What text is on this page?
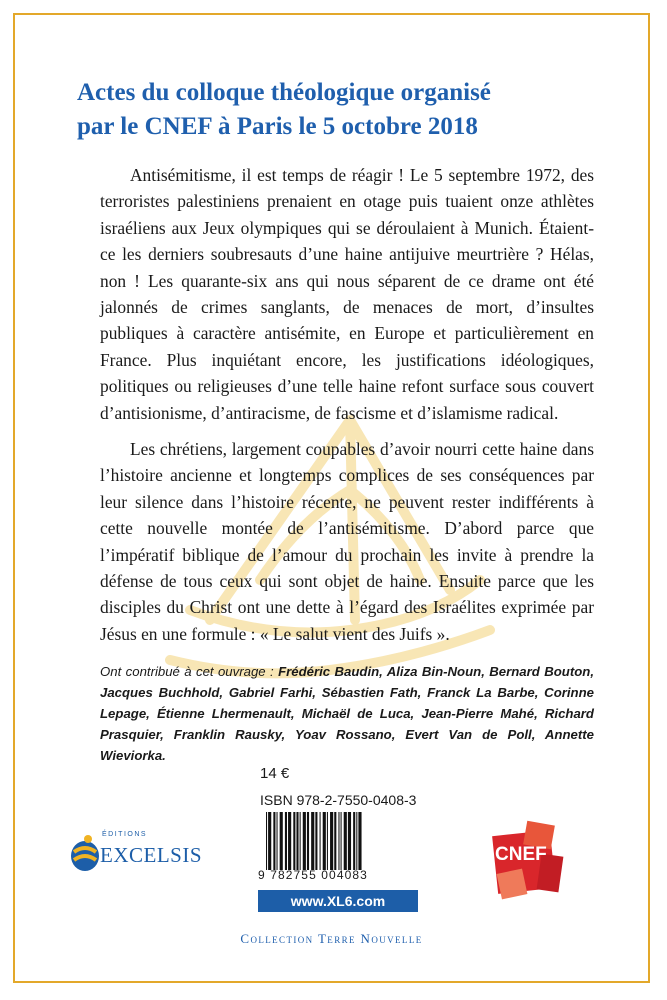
Actes du colloque théologique organisé
par le CNEF à Paris le 5 octobre 2018

Antisémitisme, il est temps de réagir ! Le 5 septembre 1972, des terroristes palestiniens prenaient en otage puis tuaient onze athlètes israéliens aux Jeux olympiques qui se déroulaient à Munich. Étaient-ce les derniers soubresauts d’une haine antijuive meurtrière ? Hélas, non ! Les quarante-six ans qui nous séparent de ce drame ont été jalonnés de crimes sanglants, de menaces de mort, d’insultes publiques à caractère antisémite, en Europe et particulièrement en France. Plus inquiétant encore, les justifications idéologiques, politiques ou religieuses d’une telle haine refont surface sous couvert d’antisionisme, d’antiracisme, de fascisme et d’islamisme radical.

Les chrétiens, largement coupables d’avoir nourri cette haine dans l’histoire ancienne et longtemps complices de ses conséquences par leur silence dans l’histoire récente, ne peuvent rester indifférents à cette nouvelle montée de l’antisémitisme. D’abord parce que l’impératif biblique de l’amour du prochain les invite à prendre la défense de tous ceux qui sont objet de haine. Ensuite parce que les disciples du Christ ont une dette à l’égard des Israélites exprimée par Jésus en une formule : « Le salut vient des Juifs ».

Ont contribué à cet ouvrage : Frédéric Baudin, Aliza Bin-Noun, Bernard Bouton, Jacques Buchhold, Gabriel Farhi, Sébastien Fath, Franck La Barbe, Corinne Lepage, Étienne Lhermenault, Michaël de Luca, Jean-Pierre Mahé, Richard Prasquier, Franklin Rausky, Yoav Rossano, Evert Van de Poll, Annette Wieviorka.

14 €
ISBN 978-2-7550-0408-3
9 782755 004083
www.XL6.com
ÉDITIONS
EXCELSIS	CNEF
Collection Terre Nouvelle
